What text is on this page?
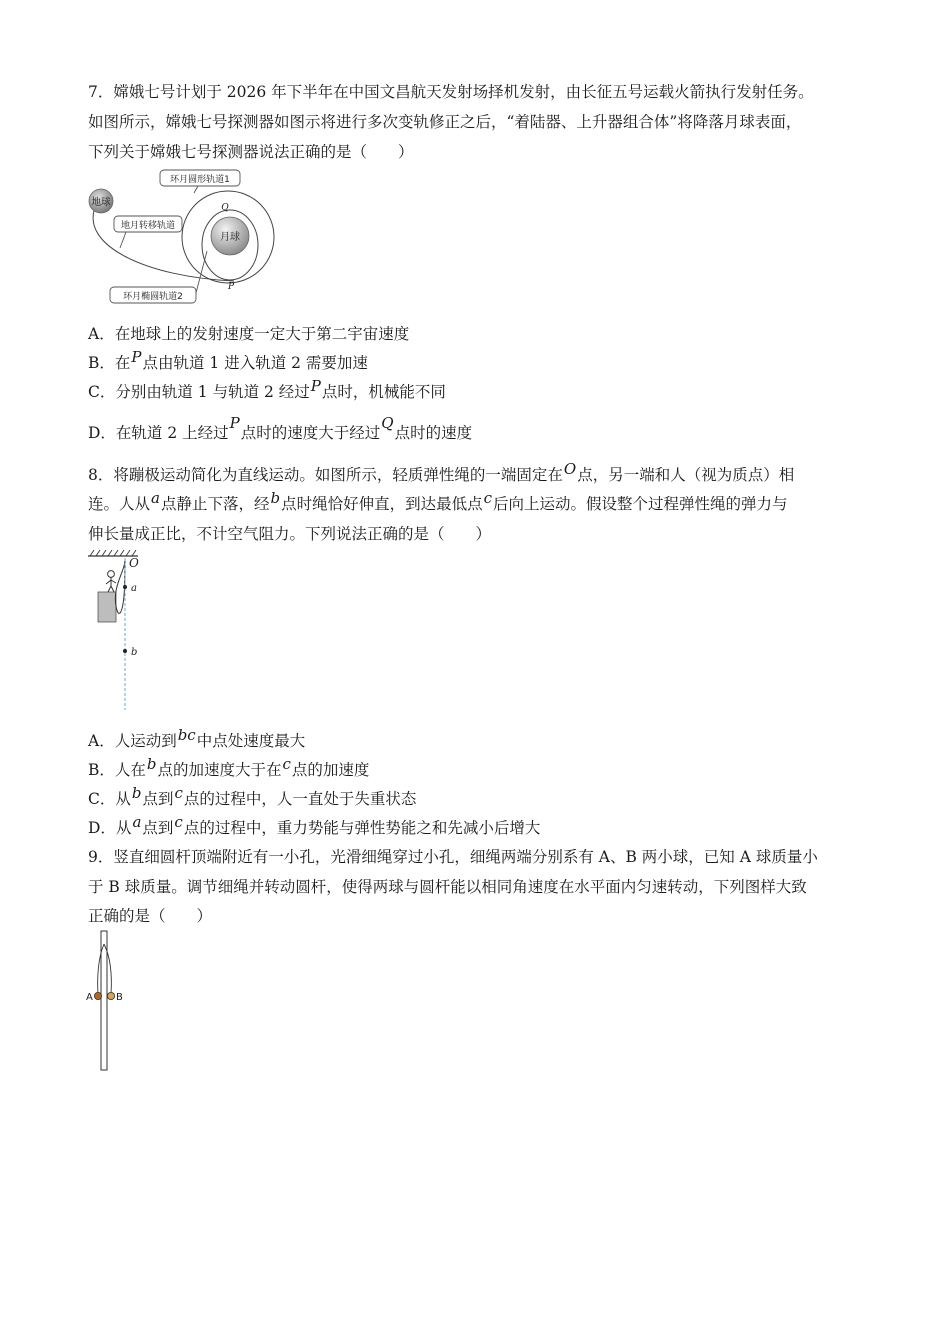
7．嫦娥七号计划于 2026 年下半年在中国文昌航天发射场择机发射，由长征五号运载火箭执行发射任务。
如图所示，嫦娥七号探测器如图示将进行多次变轨修正之后，“着陆器、上升器组合体”将降落月球表面，
下列关于嫦娥七号探测器说法正确的是（　　）
月球
地球
环月圆形轨道1
地月转移轨道
环月椭圆轨道2
Q
P
A．在地球上的发射速度一定大于第二宇宙速度
B．在P点由轨道 1 进入轨道 2 需要加速
C．分别由轨道 1 与轨道 2 经过P点时，机械能不同
D．在轨道 2 上经过P点时的速度大于经过Q点时的速度
8．将蹦极运动简化为直线运动。如图所示，轻质弹性绳的一端固定在O点，另一端和人（视为质点）相
连。人从a点静止下落，经b点时绳恰好伸直，到达最低点c后向上运动。假设整个过程弹性绳的弹力与
伸长量成正比，不计空气阻力。下列说法正确的是（　　）
O
a
b
A．人运动到bc中点处速度最大
B．人在b点的加速度大于在c点的加速度
C．从b点到c点的过程中，人一直处于失重状态
D．从a点到c点的过程中，重力势能与弹性势能之和先减小后增大
9．竖直细圆杆顶端附近有一小孔，光滑细绳穿过小孔，细绳两端分别系有 A、B 两小球，已知 A 球质量小
于 B 球质量。调节细绳并转动圆杆，使得两球与圆杆能以相同角速度在水平面内匀速转动，下列图样大致
正确的是（　　）
A B
